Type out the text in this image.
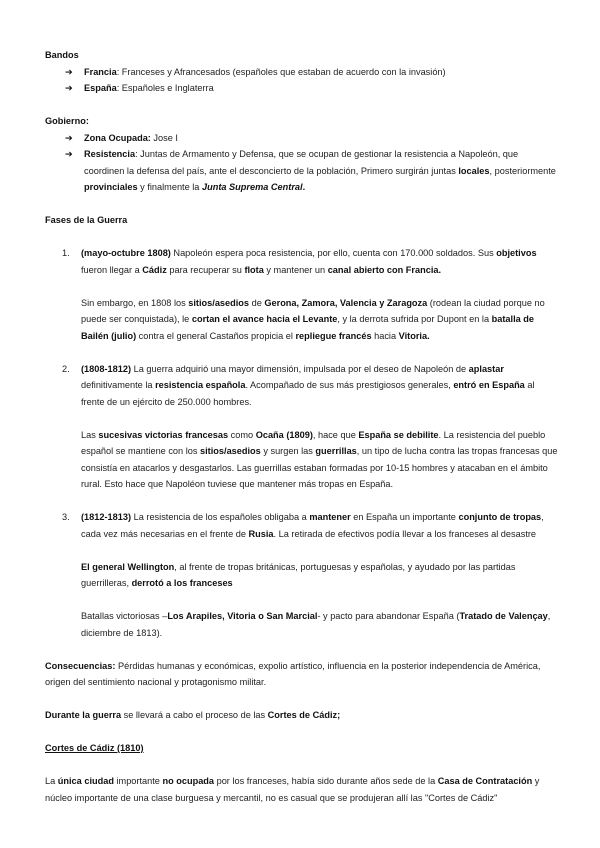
Bandos
➔	Francia: Franceses y Afrancesados (españoles que estaban de acuerdo con la invasión)
➔	España: Españoles e Inglaterra
Gobierno:
➔	Zona Ocupada: Jose I
➔	Resistencia: Juntas de Armamento y Defensa, que se ocupan de gestionar la resistencia a Napoleón, que coordinen la defensa del país, ante el desconcierto de la población, Primero surgirán juntas locales, posteriormente provinciales y finalmente la Junta Suprema Central.
Fases de la Guerra
1. (mayo-octubre 1808) Napoleón espera poca resistencia, por ello, cuenta con 170.000 soldados. Sus objetivos fueron llegar a Cádiz para recuperar su flota y mantener un canal abierto con Francia.

Sin embargo, en 1808 los sitios/asedios de Gerona, Zamora, Valencia y Zaragoza (rodean la ciudad porque no puede ser conquistada), le cortan el avance hacia el Levante, y la derrota sufrida por Dupont en la batalla de Bailén (julio) contra el general Castaños propicia el repliegue francés hacia Vitoria.

2. (1808-1812) La guerra adquirió una mayor dimensión, impulsada por el deseo de Napoleón de aplastar definitivamente la resistencia española. Acompañado de sus más prestigiosos generales, entró en España al frente de un ejército de 250.000 hombres.

Las sucesivas victorias francesas como Ocaña (1809), hace que España se debilite. La resistencia del pueblo español se mantiene con los sitios/asedios y surgen las guerrillas, un tipo de lucha contra las tropas francesas que consistía en atacarlos y desgastarlos. Las guerrillas estaban formadas por 10-15 hombres y atacaban en el ámbito rural. Esto hace que Napoléon tuviese que mantener más tropas en España.

3. (1812-1813) La resistencia de los españoles obligaba a mantener en España un importante conjunto de tropas, cada vez más necesarias en el frente de Rusia. La retirada de efectivos podía llevar a los franceses al desastre

El general Wellington, al frente de tropas británicas, portuguesas y españolas, y ayudado por las partidas guerrilleras, derrotó a los franceses

Batallas victoriosas –Los Arapiles, Vitoria o San Marcial- y pacto para abandonar España (Tratado de Valençay, diciembre de 1813).

Consecuencias: Pérdidas humanas y económicas, expolio artístico, influencia en la posterior independencia de América, origen del sentimiento nacional y protagonismo militar.

Durante la guerra se llevará a cabo el proceso de las Cortes de Cádiz;

Cortes de Cádiz (1810)

La única ciudad importante no ocupada por los franceses, había sido durante años sede de la Casa de Contratación y núcleo importante de una clase burguesa y mercantil, no es casual que se produjeran allí las "Cortes de Cádiz"
